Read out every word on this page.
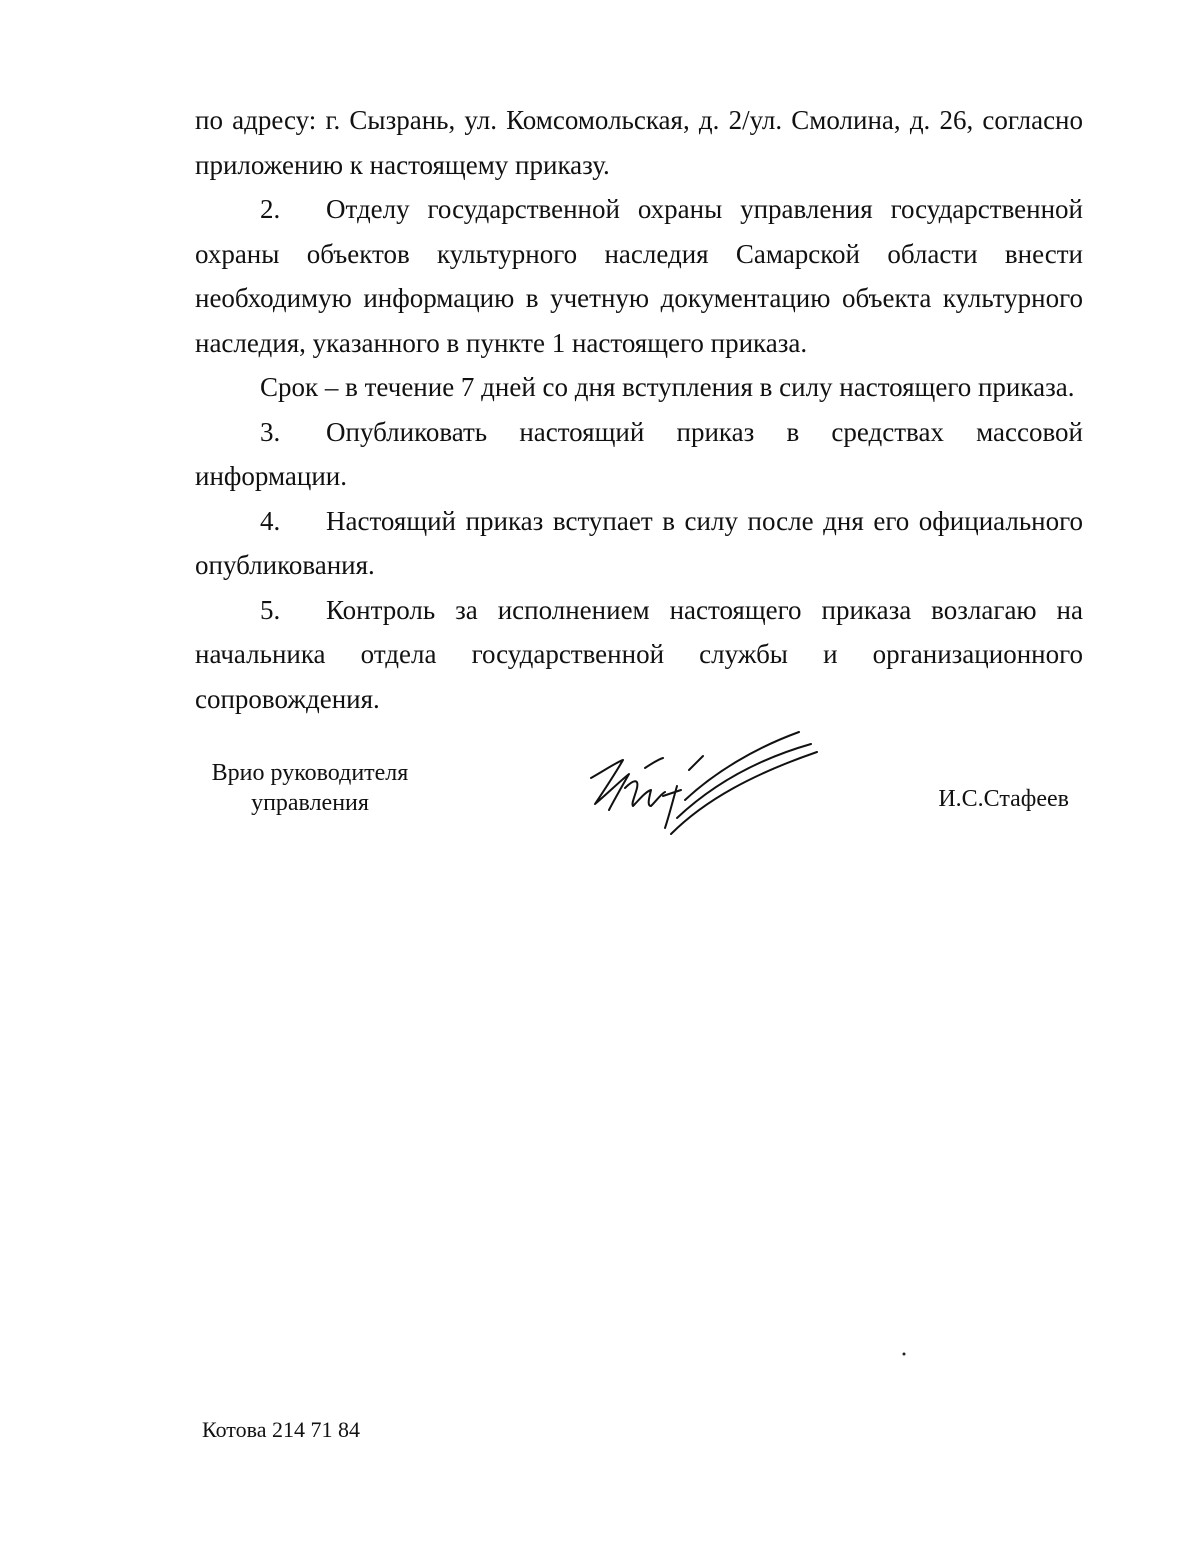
по адресу: г. Сызрань, ул. Комсомольская, д. 2/ул. Смолина, д. 26, согласно приложению к настоящему приказу.

2. Отделу государственной охраны управления государственной охраны объектов культурного наследия Самарской области внести необходимую информацию в учетную документацию объекта культурного наследия, указанного в пункте 1 настоящего приказа.

Срок – в течение 7 дней со дня вступления в силу настоящего приказа.

3. Опубликовать настоящий приказ в средствах массовой информации.

4. Настоящий приказ вступает в силу после дня его официального опубликования.

5. Контроль за исполнением настоящего приказа возлагаю на начальника отдела государственной службы и организационного сопровождения.

Врио руководителя
управления	И.С.Стафеев
Котова 214 71 84
